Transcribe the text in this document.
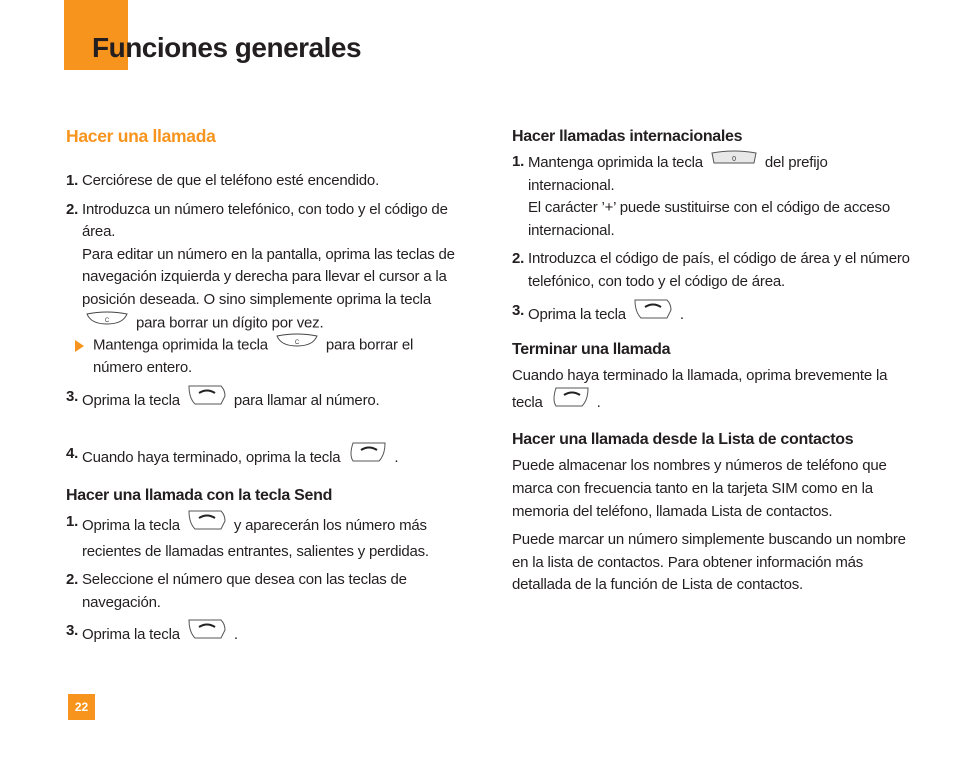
Funciones generales
Hacer una llamada
1. Cerciórese de que el teléfono esté encendido.
2. Introduzca un número telefónico, con todo y el código de área.
Para editar un número en la pantalla, oprima las teclas de navegación izquierda y derecha para llevar el cursor a la posición deseada. O sino simplemente oprima la tecla
C para borrar un dígito por vez.
Mantenga oprimida la tecla	C para borrar el número entero.
3. Oprima la tecla	para llamar al número.
4. Cuando haya terminado, oprima la tecla	.
Hacer una llamada con la tecla Send
1. Oprima la tecla	y aparecerán los número más recientes de llamadas entrantes, salientes y perdidas.
2. Seleccione el número que desea con las teclas de navegación.
3. Oprima la tecla	.
Hacer llamadas internacionales
1. Mantenga oprimida la tecla	0 del prefijo internacional.
El carácter ’+’ puede sustituirse con el código de acceso internacional.
2. Introduzca el código de país, el código de área y el número telefónico, con todo y el código de área.
3. Oprima la tecla	.
Terminar una llamada

Cuando haya terminado la llamada, oprima brevemente la tecla	.

Hacer una llamada desde la Lista de contactos

Puede almacenar los nombres y números de teléfono que marca con frecuencia tanto en la tarjeta SIM como en la memoria del teléfono, llamada Lista de contactos.

Puede marcar un número simplemente buscando un nombre en la lista de contactos. Para obtener información más detallada de la función de Lista de contactos.

22
